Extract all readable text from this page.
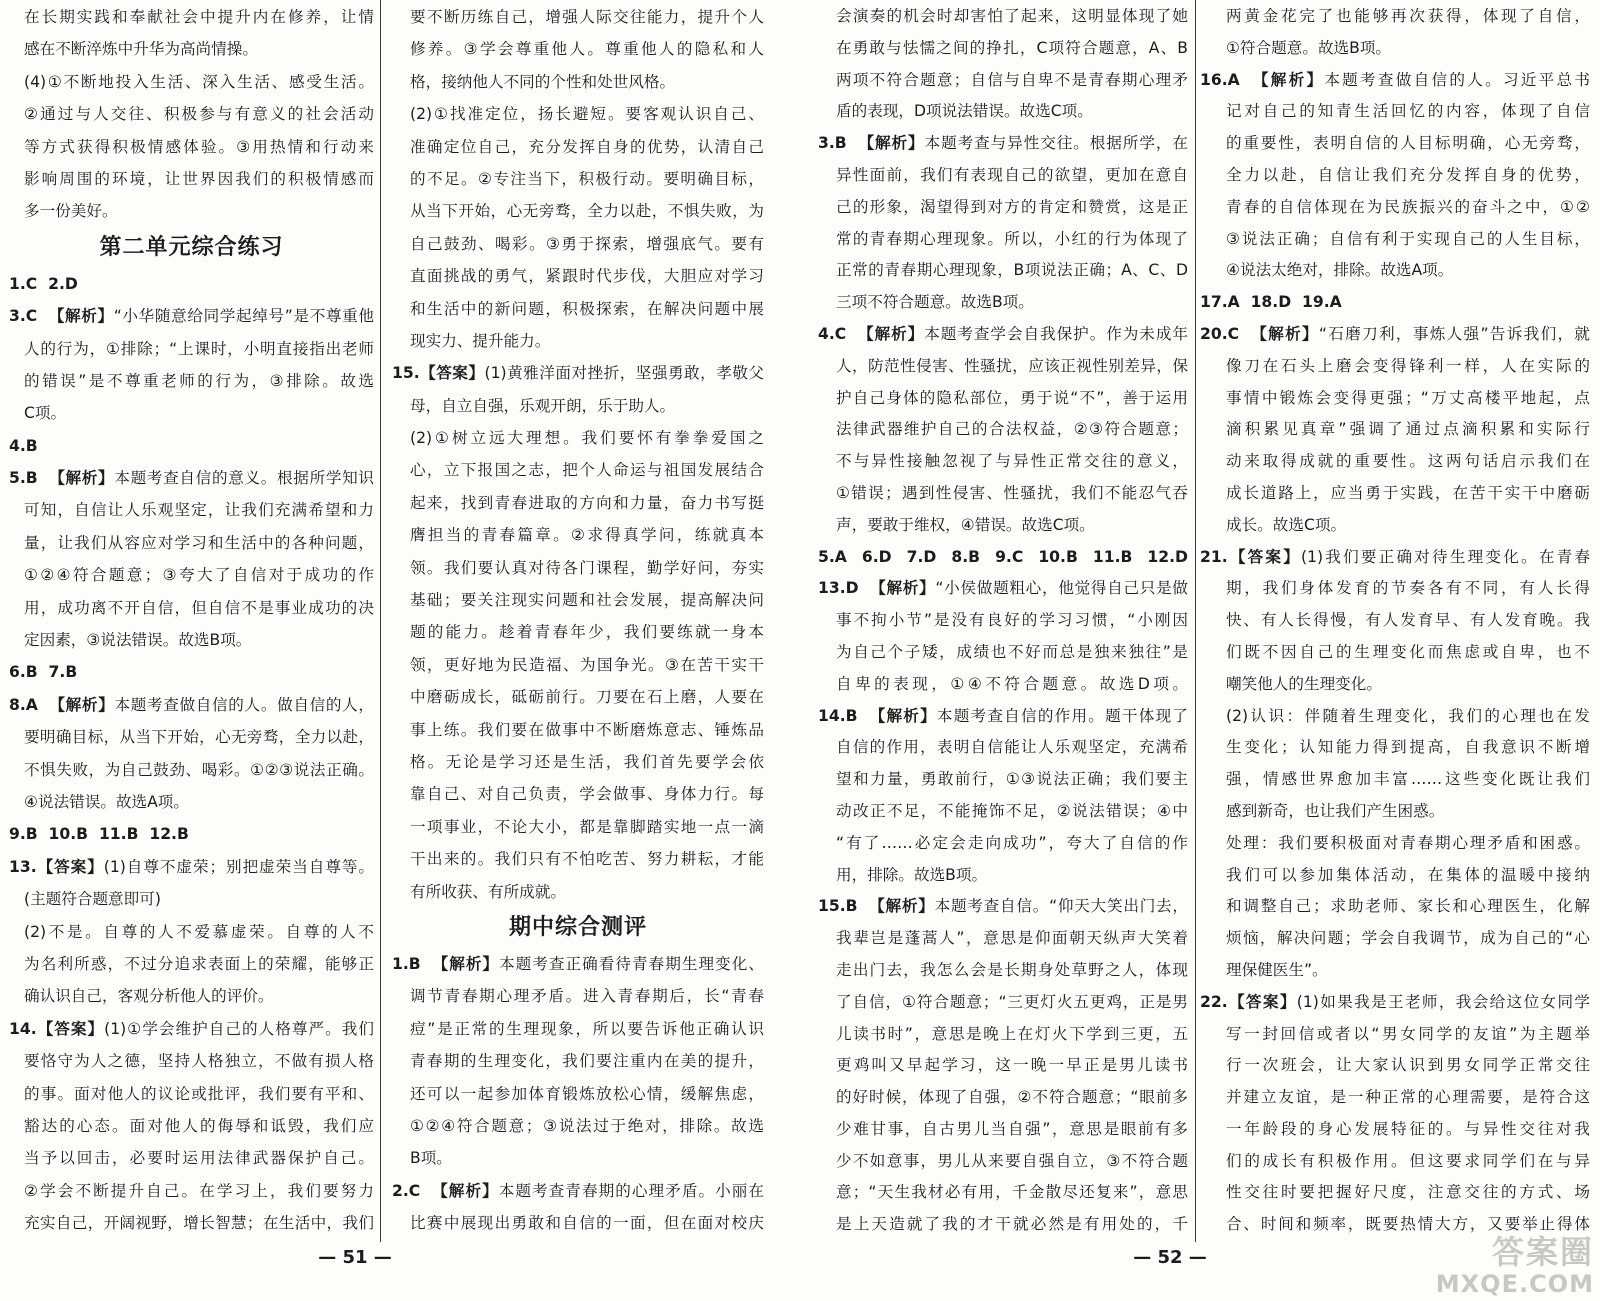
在长期实践和奉献社会中提升内在修养，让情
感在不断淬炼中升华为高尚情操。
(4)①不断地投入生活、深入生活、感受生活。
②通过与人交往、积极参与有意义的社会活动
等方式获得积极情感体验。③用热情和行动来
影响周围的环境，让世界因我们的积极情感而
多一份美好。
第二单元综合练习
1.C 2.D
3.C 【解析】“小华随意给同学起绰号”是不尊重他
人的行为，①排除；“上课时，小明直接指出老师
的错误”是不尊重老师的行为，③排除。故选
C项。
4.B
5.B 【解析】本题考查自信的意义。根据所学知识
可知，自信让人乐观坚定，让我们充满希望和力
量，让我们从容应对学习和生活中的各种问题，
①②④符合题意；③夸大了自信对于成功的作
用，成功离不开自信，但自信不是事业成功的决
定因素，③说法错误。故选B项。
6.B 7.B
8.A 【解析】本题考查做自信的人。做自信的人，
要明确目标，从当下开始，心无旁骛，全力以赴，
不惧失败，为自己鼓劲、喝彩。①②③说法正确。
④说法错误。故选A项。
9.B 10.B 11.B 12.B
13.【答案】(1)自尊不虚荣；别把虚荣当自尊等。
(主题符合题意即可)
(2)不是。自尊的人不爱慕虚荣。自尊的人不
为名利所惑，不过分追求表面上的荣耀，能够正
确认识自己，客观分析他人的评价。
14.【答案】(1)①学会维护自己的人格尊严。我们
要恪守为人之德，坚持人格独立，不做有损人格
的事。面对他人的议论或批评，我们要有平和、
豁达的心态。面对他人的侮辱和诋毁，我们应
当予以回击，必要时运用法律武器保护自己。
②学会不断提升自己。在学习上，我们要努力
充实自己，开阔视野，增长智慧；在生活中，我们
要不断历练自己，增强人际交往能力，提升个人
修养。③学会尊重他人。尊重他人的隐私和人
格，接纳他人不同的个性和处世风格。
(2)①找准定位，扬长避短。要客观认识自己、
准确定位自己，充分发挥自身的优势，认清自己
的不足。②专注当下，积极行动。要明确目标，
从当下开始，心无旁骛，全力以赴，不惧失败，为
自己鼓劲、喝彩。③勇于探索，增强底气。要有
直面挑战的勇气，紧跟时代步伐，大胆应对学习
和生活中的新问题，积极探索，在解决问题中展
现实力、提升能力。
15.【答案】(1)黄雅洋面对挫折，坚强勇敢，孝敬父
母，自立自强，乐观开朗，乐于助人。
(2)①树立远大理想。我们要怀有拳拳爱国之
心，立下报国之志，把个人命运与祖国发展结合
起来，找到青春进取的方向和力量，奋力书写挺
膺担当的青春篇章。②求得真学问，练就真本
领。我们要认真对待各门课程，勤学好问，夯实
基础；要关注现实问题和社会发展，提高解决问
题的能力。趁着青春年少，我们要练就一身本
领，更好地为民造福、为国争光。③在苦干实干
中磨砺成长，砥砺前行。刀要在石上磨，人要在
事上练。我们要在做事中不断磨炼意志、锤炼品
格。无论是学习还是生活，我们首先要学会依
靠自己、对自己负责，学会做事、身体力行。每
一项事业，不论大小，都是靠脚踏实地一点一滴
干出来的。我们只有不怕吃苦、努力耕耘，才能
有所收获、有所成就。
期中综合测评
1.B 【解析】本题考查正确看待青春期生理变化、
调节青春期心理矛盾。进入青春期后，长“青春
痘”是正常的生理现象，所以要告诉他正确认识
青春期的生理变化，我们要注重内在美的提升，
还可以一起参加体育锻炼放松心情，缓解焦虑，
①②④符合题意；③说法过于绝对，排除。故选
B项。
2.C 【解析】本题考查青春期的心理矛盾。小丽在
比赛中展现出勇敢和自信的一面，但在面对校庆
— 51 —
会演奏的机会时却害怕了起来，这明显体现了她
在勇敢与怯懦之间的挣扎，C项符合题意，A、B
两项不符合题意；自信与自卑不是青春期心理矛
盾的表现，D项说法错误。故选C项。
3.B 【解析】本题考查与异性交往。根据所学，在
异性面前，我们有表现自己的欲望，更加在意自
己的形象，渴望得到对方的肯定和赞赏，这是正
常的青春期心理现象。所以，小红的行为体现了
正常的青春期心理现象，B项说法正确；A、C、D
三项不符合题意。故选B项。
4.C 【解析】本题考查学会自我保护。作为未成年
人，防范性侵害、性骚扰，应该正视性别差异，保
护自己身体的隐私部位，勇于说“不”，善于运用
法律武器维护自己的合法权益，②③符合题意；
不与异性接触忽视了与异性正常交往的意义，
①错误；遇到性侵害、性骚扰，我们不能忍气吞
声，要敢于维权，④错误。故选C项。
5.A 6.D 7.D 8.B 9.C 10.B 11.B 12.D
13.D 【解析】“小侯做题粗心，他觉得自己只是做
事不拘小节”是没有良好的学习习惯，“小刚因
为自己个子矮，成绩也不好而总是独来独往”是
自卑的表现，①④不符合题意。故选D项。
14.B 【解析】本题考查自信的作用。题干体现了
自信的作用，表明自信能让人乐观坚定，充满希
望和力量，勇敢前行，①③说法正确；我们要主
动改正不足，不能掩饰不足，②说法错误；④中
“有了……必定会走向成功”，夸大了自信的作
用，排除。故选B项。
15.B 【解析】本题考查自信。“仰天大笑出门去，
我辈岂是蓬蒿人”，意思是仰面朝天纵声大笑着
走出门去，我怎么会是长期身处草野之人，体现
了自信，①符合题意；“三更灯火五更鸡，正是男
儿读书时”，意思是晚上在灯火下学到三更，五
更鸡叫又早起学习，这一晚一早正是男儿读书
的好时候，体现了自强，②不符合题意；“眼前多
少难甘事，自古男儿当自强”，意思是眼前有多
少不如意事，男儿从来要自强自立，③不符合题
意；“天生我材必有用，千金散尽还复来”，意思
是上天造就了我的才干就必然是有用处的，千
两黄金花完了也能够再次获得，体现了自信，
①符合题意。故选B项。
16.A 【解析】本题考查做自信的人。习近平总书
记对自己的知青生活回忆的内容，体现了自信
的重要性，表明自信的人目标明确，心无旁骛，
全力以赴，自信让我们充分发挥自身的优势，
青春的自信体现在为民族振兴的奋斗之中，①②
③说法正确；自信有利于实现自己的人生目标，
④说法太绝对，排除。故选A项。
17.A 18.D 19.A
20.C 【解析】“石磨刀利，事炼人强”告诉我们，就
像刀在石头上磨会变得锋利一样，人在实际的
事情中锻炼会变得更强；“万丈高楼平地起，点
滴积累见真章”强调了通过点滴积累和实际行
动来取得成就的重要性。这两句话启示我们在
成长道路上，应当勇于实践，在苦干实干中磨砺
成长。故选C项。
21.【答案】(1)我们要正确对待生理变化。在青春
期，我们身体发育的节奏各有不同，有人长得
快、有人长得慢，有人发育早、有人发育晚。我
们既不因自己的生理变化而焦虑或自卑，也不
嘲笑他人的生理变化。
(2)认识：伴随着生理变化，我们的心理也在发
生变化；认知能力得到提高，自我意识不断增
强，情感世界愈加丰富……这些变化既让我们
感到新奇，也让我们产生困惑。
处理：我们要积极面对青春期心理矛盾和困惑。
我们可以参加集体活动，在集体的温暖中接纳
和调整自己；求助老师、家长和心理医生，化解
烦恼，解决问题；学会自我调节，成为自己的“心
理保健医生”。
22.【答案】(1)如果我是王老师，我会给这位女同学
写一封回信或者以“男女同学的友谊”为主题举
行一次班会，让大家认识到男女同学正常交往
并建立友谊，是一种正常的心理需要，是符合这
一年龄段的身心发展特征的。与异性交往对我
们的成长有积极作用。但这要求同学们在与异
性交往时要把握好尺度，注意交往的方式、场
合、时间和频率，既要热情大方，又要举止得体
— 52 —	答案圈
MXQE.COM
